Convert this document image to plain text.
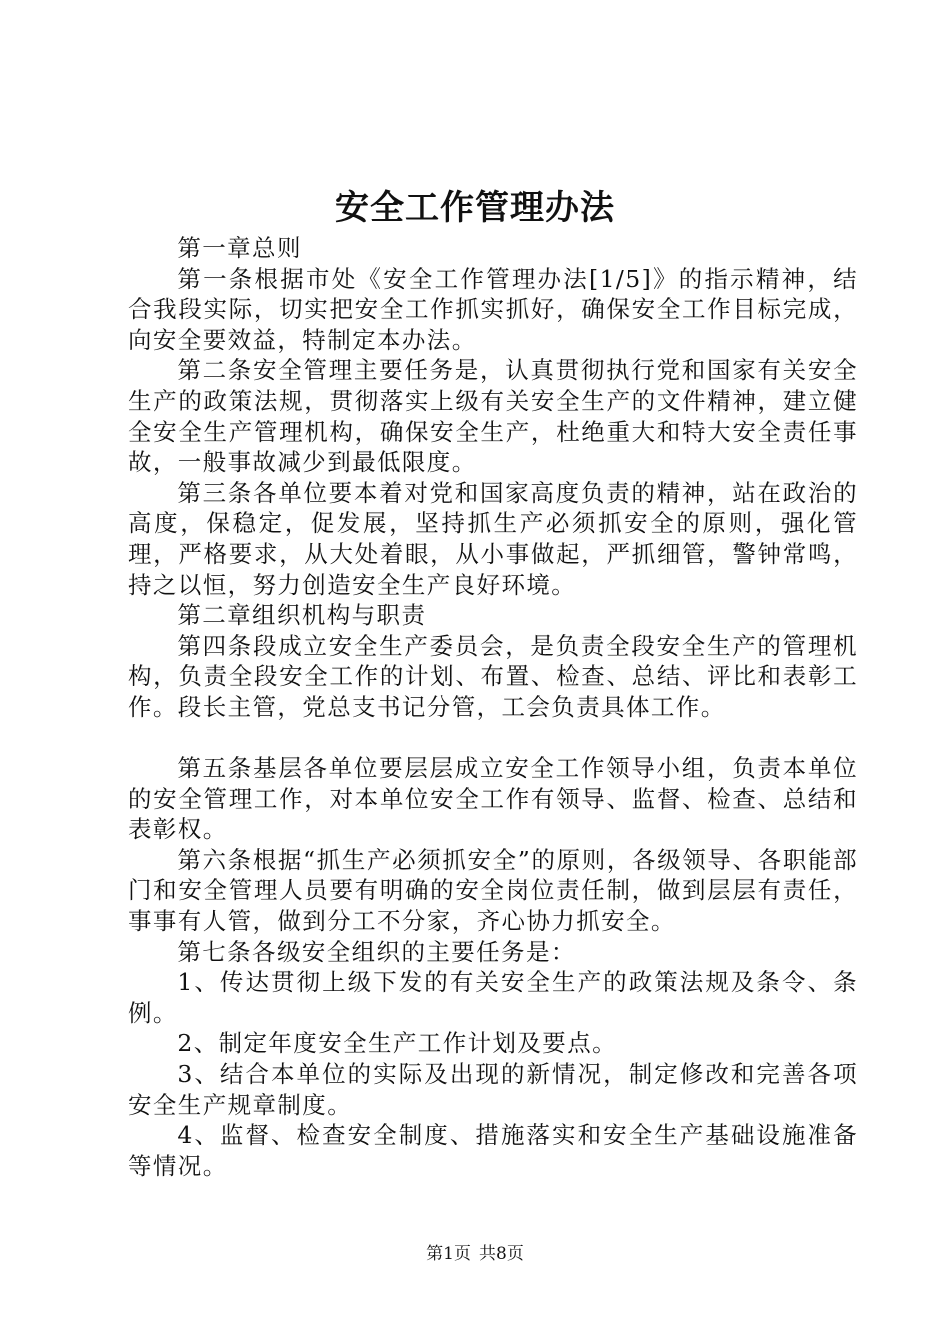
安全工作管理办法

第一章总则

第一条根据市处《安全工作管理办法[1/5]》的指示精神，结合我段实际，切实把安全工作抓实抓好，确保安全工作目标完成，向安全要效益，特制定本办法。

第二条安全管理主要任务是，认真贯彻执行党和国家有关安全生产的政策法规，贯彻落实上级有关安全生产的文件精神，建立健全安全生产管理机构，确保安全生产，杜绝重大和特大安全责任事故，一般事故减少到最低限度。

第三条各单位要本着对党和国家高度负责的精神，站在政治的高度，保稳定，促发展，坚持抓生产必须抓安全的原则，强化管理，严格要求，从大处着眼，从小事做起，严抓细管，警钟常鸣，持之以恒，努力创造安全生产良好环境。

第二章组织机构与职责

第四条段成立安全生产委员会，是负责全段安全生产的管理机构，负责全段安全工作的计划、布置、检查、总结、评比和表彰工作。段长主管，党总支书记分管，工会负责具体工作。

第五条基层各单位要层层成立安全工作领导小组，负责本单位的安全管理工作，对本单位安全工作有领导、监督、检查、总结和表彰权。

第六条根据“抓生产必须抓安全”的原则，各级领导、各职能部门和安全管理人员要有明确的安全岗位责任制，做到层层有责任，事事有人管，做到分工不分家，齐心协力抓安全。

第七条各级安全组织的主要任务是：

1、传达贯彻上级下发的有关安全生产的政策法规及条令、条例。

2、制定年度安全生产工作计划及要点。

3、结合本单位的实际及出现的新情况，制定修改和完善各项安全生产规章制度。

4、监督、检查安全制度、措施落实和安全生产基础设施准备等情况。

第1页 共8页
